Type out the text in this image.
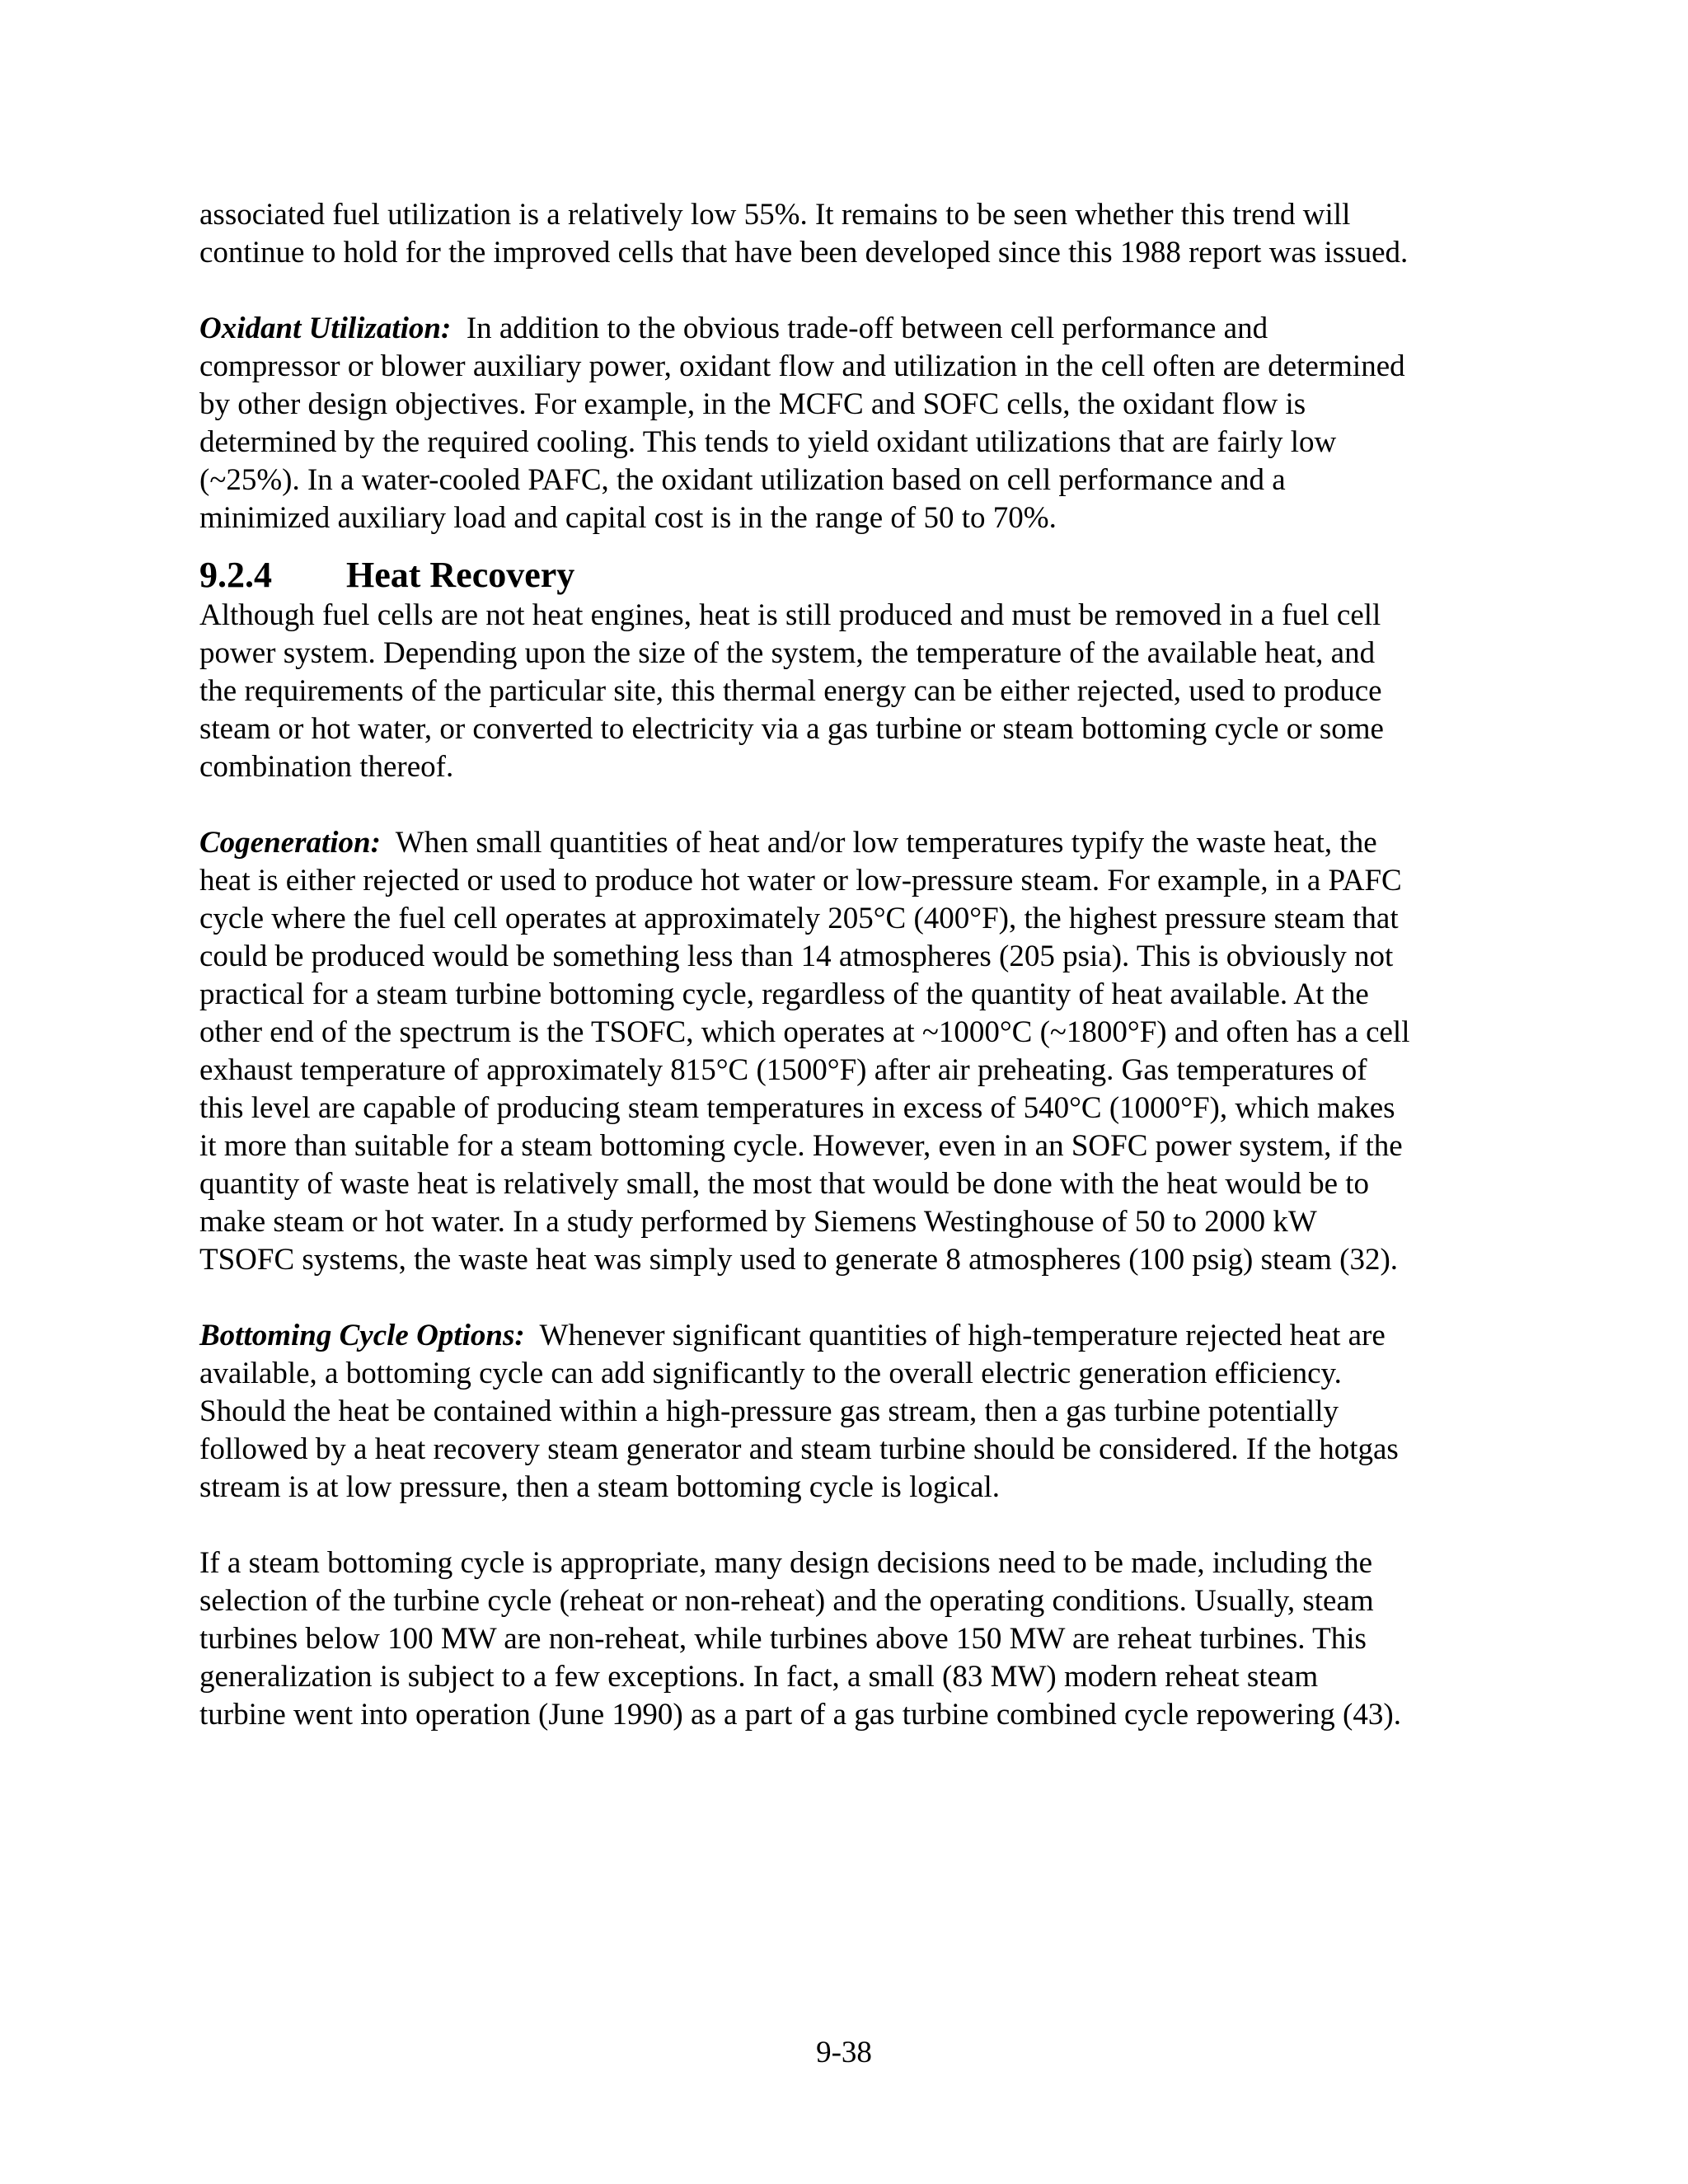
associated fuel utilization is a relatively low 55%. It remains to be seen whether this trend will
continue to hold for the improved cells that have been developed since this 1988 report was issued.

Oxidant Utilization:  In addition to the obvious trade-off between cell performance and
compressor or blower auxiliary power, oxidant flow and utilization in the cell often are determined
by other design objectives. For example, in the MCFC and SOFC cells, the oxidant flow is
determined by the required cooling. This tends to yield oxidant utilizations that are fairly low
(~25%). In a water-cooled PAFC, the oxidant utilization based on cell performance and a
minimized auxiliary load and capital cost is in the range of 50 to 70%.

9.2.4 Heat Recovery

Although fuel cells are not heat engines, heat is still produced and must be removed in a fuel cell
power system. Depending upon the size of the system, the temperature of the available heat, and
the requirements of the particular site, this thermal energy can be either rejected, used to produce
steam or hot water, or converted to electricity via a gas turbine or steam bottoming cycle or some
combination thereof.

Cogeneration:  When small quantities of heat and/or low temperatures typify the waste heat, the
heat is either rejected or used to produce hot water or low-pressure steam. For example, in a PAFC
cycle where the fuel cell operates at approximately 205°C (400°F), the highest pressure steam that
could be produced would be something less than 14 atmospheres (205 psia). This is obviously not
practical for a steam turbine bottoming cycle, regardless of the quantity of heat available. At the
other end of the spectrum is the TSOFC, which operates at ~1000°C (~1800°F) and often has a cell
exhaust temperature of approximately 815°C (1500°F) after air preheating. Gas temperatures of
this level are capable of producing steam temperatures in excess of 540°C (1000°F), which makes
it more than suitable for a steam bottoming cycle. However, even in an SOFC power system, if the
quantity of waste heat is relatively small, the most that would be done with the heat would be to
make steam or hot water. In a study performed by Siemens Westinghouse of 50 to 2000 kW
TSOFC systems, the waste heat was simply used to generate 8 atmospheres (100 psig) steam (32).

Bottoming Cycle Options:  Whenever significant quantities of high-temperature rejected heat are
available, a bottoming cycle can add significantly to the overall electric generation efficiency.
Should the heat be contained within a high-pressure gas stream, then a gas turbine potentially
followed by a heat recovery steam generator and steam turbine should be considered. If the hotgas
stream is at low pressure, then a steam bottoming cycle is logical.

If a steam bottoming cycle is appropriate, many design decisions need to be made, including the
selection of the turbine cycle (reheat or non-reheat) and the operating conditions. Usually, steam
turbines below 100 MW are non-reheat, while turbines above 150 MW are reheat turbines. This
generalization is subject to a few exceptions. In fact, a small (83 MW) modern reheat steam
turbine went into operation (June 1990) as a part of a gas turbine combined cycle repowering (43).

9-38
